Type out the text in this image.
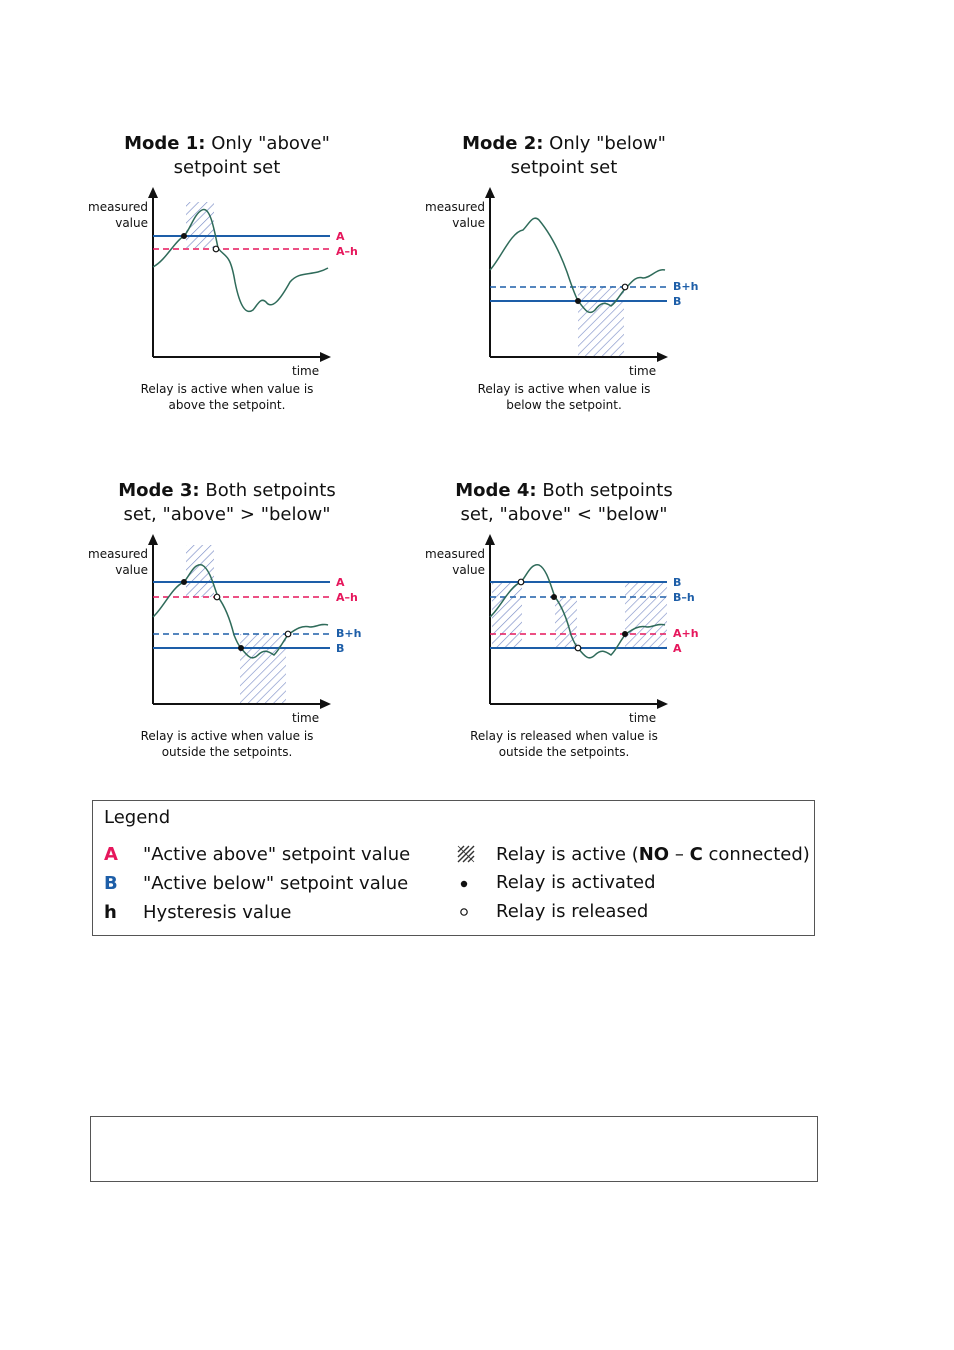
Mode 1: Only "above"
setpoint set
measured
value
A
A–h
time
Relay is active when value is
above the setpoint.
Mode 2: Only "below"
setpoint set
measured
value
B+h
B
time
Relay is active when value is
below the setpoint.
Mode 3: Both setpoints
set, "above" > "below"
measured
value
A
A–h
B+h
B
time
Relay is active when value is
outside the setpoints.
Mode 4: Both setpoints
set, "above" < "below"
measured
value
B
B–h
A+h
A
time
Relay is released when value is
outside the setpoints.
Legend
A "Active above" setpoint value
B "Active below" setpoint value
h Hysteresis value
Relay is active (NO – C connected)
Relay is activated
Relay is released
